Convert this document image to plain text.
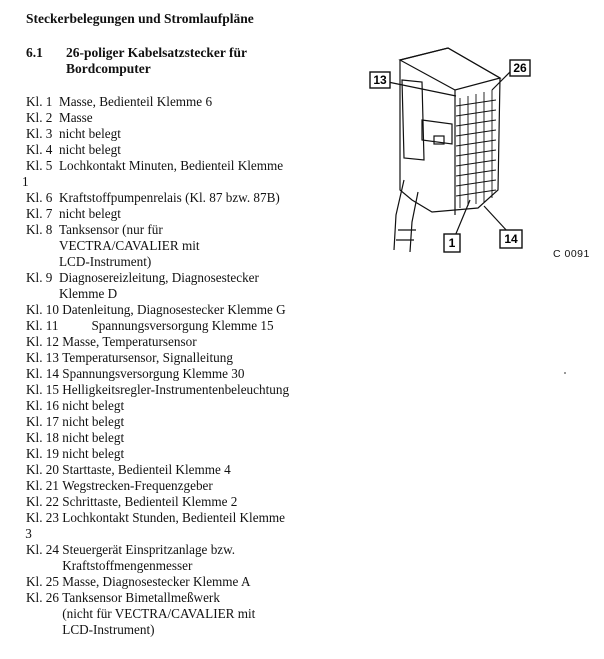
Steckerbelegungen und Stromlaufpläne
6.1 26-poliger Kabelsatzstecker für
Bordcomputer
Kl. 1 Masse, Bedienteil Klemme 6
Kl. 2 Masse
Kl. 3 nicht belegt
Kl. 4 nicht belegt
Kl. 5 Lochkontakt Minuten, Bedienteil Klemme
1
Kl. 6 Kraftstoffpumpenrelais (Kl. 87 bzw. 87B)
Kl. 7 nicht belegt
Kl. 8 Tanksensor (nur für
VECTRA/CAVALIER mit
LCD-Instrument)
Kl. 9 Diagnosereizleitung, Diagnosestecker
Klemme D
Kl. 10 Datenleitung, Diagnosestecker Klemme G
Kl. 11 Spannungsversorgung Klemme 15
Kl. 12 Masse, Temperatursensor
Kl. 13 Temperatursensor, Signalleitung
Kl. 14 Spannungsversorgung Klemme 30
Kl. 15 Helligkeitsregler-Instrumentenbeleuchtung
Kl. 16 nicht belegt
Kl. 17 nicht belegt
Kl. 18 nicht belegt
Kl. 19 nicht belegt
Kl. 20 Starttaste, Bedienteil Klemme 4
Kl. 21 Wegstrecken-Frequenzgeber
Kl. 22 Schrittaste, Bedienteil Klemme 2
Kl. 23 Lochkontakt Stunden, Bedienteil Klemme
3
Kl. 24 Steuergerät Einspritzanlage bzw.
Kraftstoffmengenmesser
Kl. 25 Masse, Diagnosestecker Klemme A
Kl. 26 Tanksensor Bimetallmeßwerk
(nicht für VECTRA/CAVALIER mit
LCD-Instrument)
13
26
1	14
C 0091
